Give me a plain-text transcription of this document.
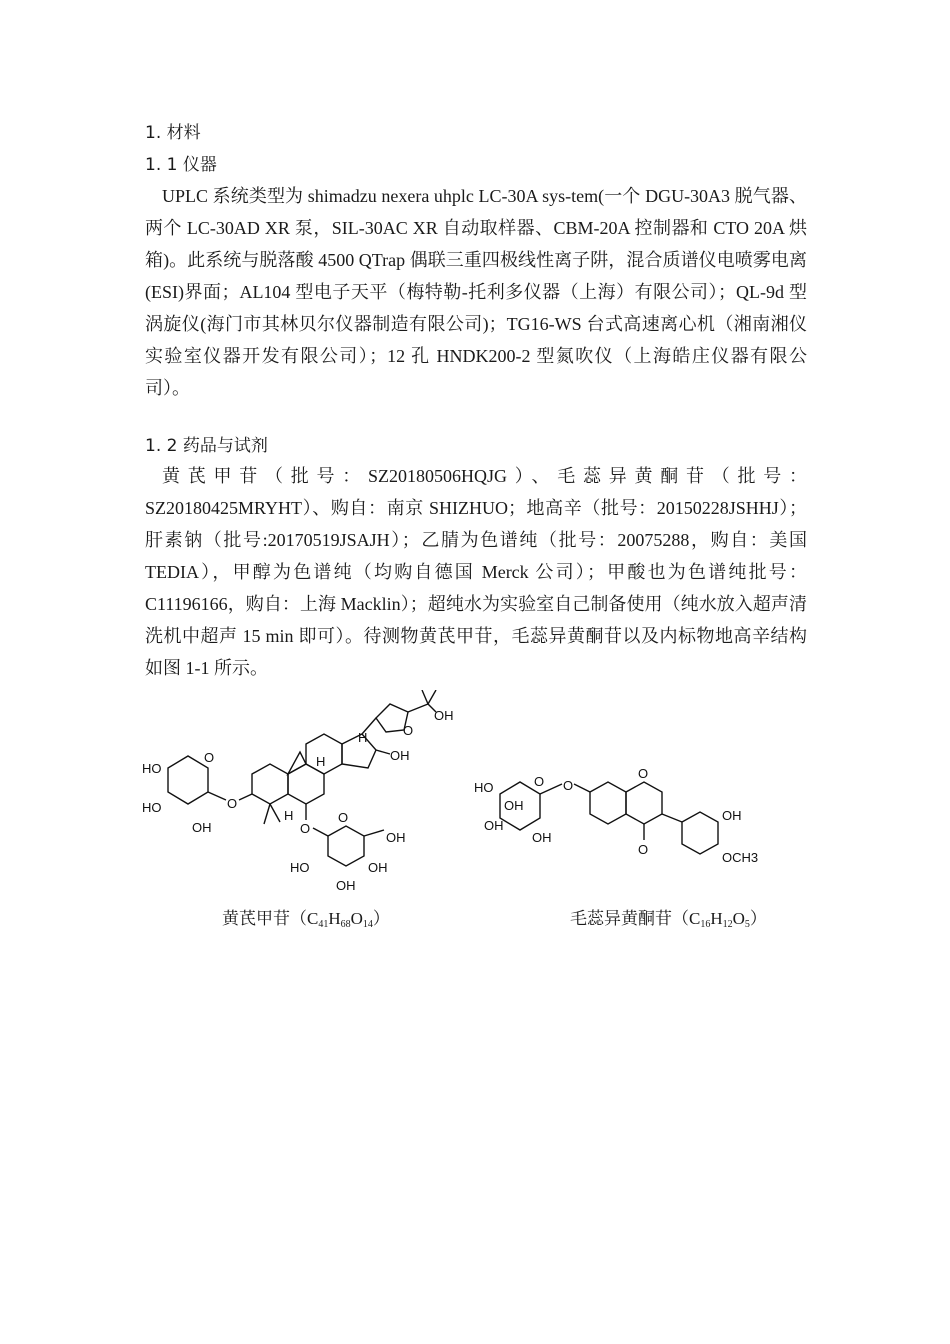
1. 材料
1. 1 仪器

UPLC 系统类型为 shimadzu nexera uhplc LC-30A sys-tem(一个 DGU-30A3 脱气器、两个 LC-30AD XR 泵，SIL-30AC XR 自动取样器、CBM-20A 控制器和 CTO 20A 烘箱)。此系统与脱落酸 4500 QTrap 偶联三重四极线性离子阱，混合质谱仪电喷雾电离(ESI)界面；AL104 型电子天平（梅特勒-托利多仪器（上海）有限公司）；QL-9d 型涡旋仪(海门市其林贝尔仪器制造有限公司)；TG16-WS 台式高速离心机（湘南湘仪实验室仪器开发有限公司）；12 孔 HNDK200-2 型氮吹仪（上海皓庄仪器有限公司）。

1. 2 药品与试剂

黄芪甲苷（批号：SZ20180506HQJG）、毛蕊异黄酮苷（批号：SZ20180425MRYHT）、购自：南京 SHIZHUO；地高辛（批号：20150228JSHHJ）；肝素钠（批号:20170519JSAJH）；乙腈为色谱纯（批号：20075288，购自：美国 TEDIA），甲醇为色谱纯（均购自德国 Merck 公司）；甲酸也为色谱纯批号：C11196166，购自：上海 Macklin）；超纯水为实验室自己制备使用（纯水放入超声清洗机中超声 15 min 即可）。待测物黄芪甲苷，毛蕊异黄酮苷以及内标物地高辛结构如图 1-1 所示。

HO
HO
OH
O
O
H
H
H	O
OH
OH
O
O
OH
HO	OH
OH
HO
OH
OH
OH
O O
O
O
OH
OCH3
黄芪甲苷$(C_{41}H_{68}O_{14})$	毛蕊异黄酮苷$(C_{16}H_{12}O_5)$
